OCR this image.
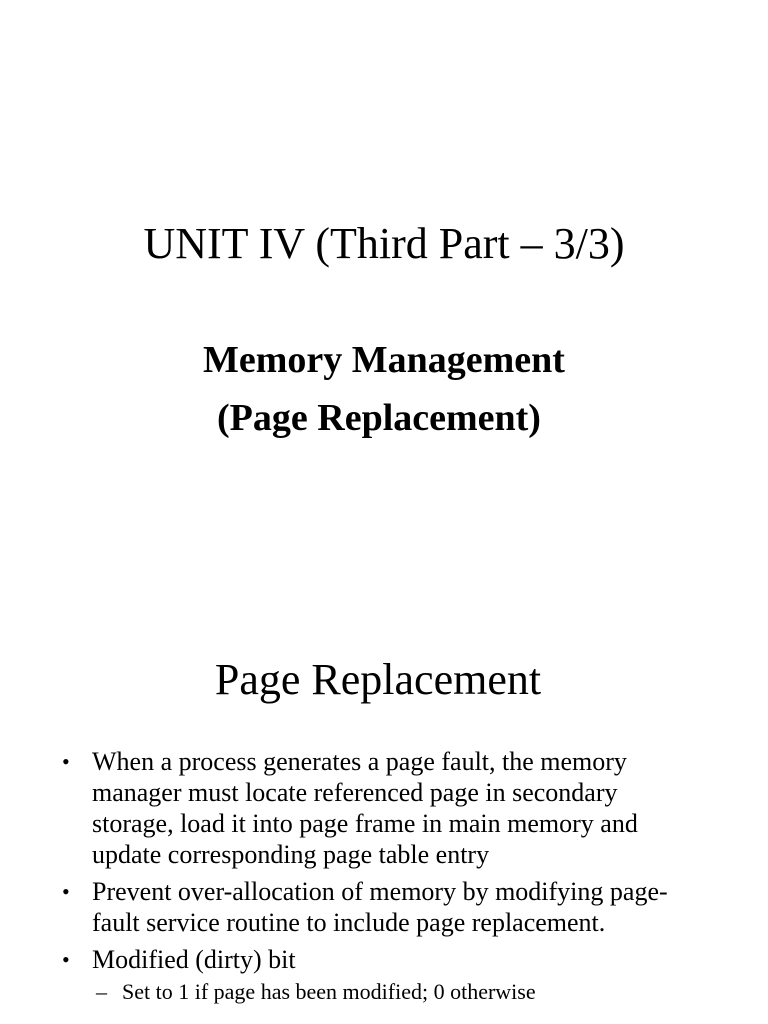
UNIT IV (Third Part – 3/3)
Memory Management
(Page Replacement)
Page Replacement
• When a process generates a page fault, the memory manager must locate referenced page in secondary storage, load it into page frame in main memory and update corresponding page table entry
• Prevent over-allocation of memory by modifying page-fault service routine to include page replacement.
• Modified (dirty) bit
– Set to 1 if page has been modified; 0 otherwise
